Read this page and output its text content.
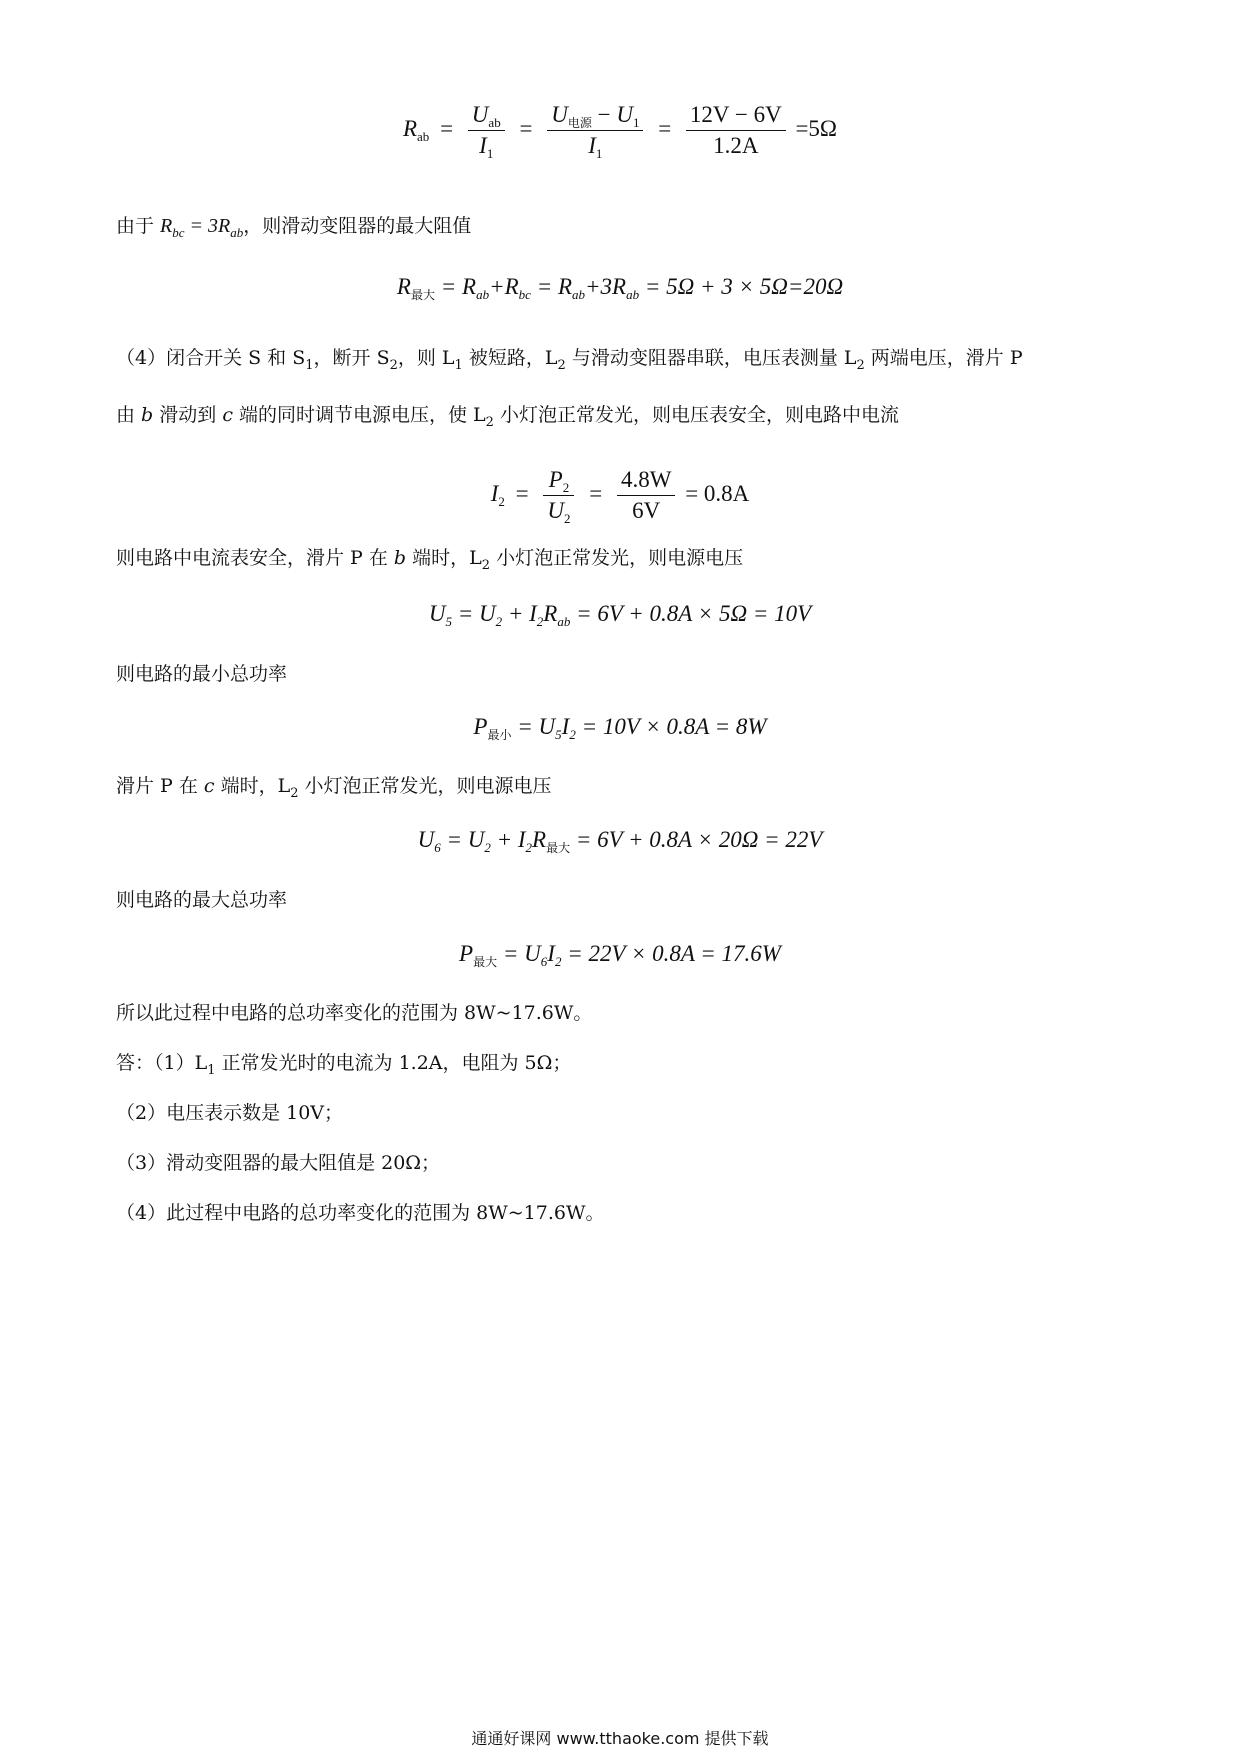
$R_{ab} = \frac{U_{ab}}{I_1} = \frac{U_{电源} - U_1}{I_1} = \frac{12V - 6V}{1.2A} =5\Omega$
由于 $R_{bc} = 3R_{ab}$，则滑动变阻器的最大阻值
$R_{最大} = R_{ab}+R_{bc} = R_{ab}+3R_{ab} = 5\Omega + 3 \times 5\Omega=20\Omega$
（4）闭合开关 S 和 $S_1$，断开 $S_2$，则 $L_1$ 被短路，$L_2$ 与滑动变阻器串联，电压表测量 $L_2$ 两端电压，滑片 P
由 b 滑动到 c 端的同时调节电源电压，使 $L_2$ 小灯泡正常发光，则电压表安全，则电路中电流
$I_2 = \frac{P_2}{U_2} = \frac{4.8W}{6V} = 0.8A$
则电路中电流表安全，滑片 P 在 b 端时，$L_2$ 小灯泡正常发光，则电源电压
$U_5 = U_2 + I_2R_{ab} = 6V + 0.8A \times 5\Omega = 10V$
则电路的最小总功率
$P_{最小} = U_5I_2 = 10V \times 0.8A = 8W$
滑片 P 在 c 端时，$L_2$ 小灯泡正常发光，则电源电压
$U_6 = U_2 + I_2R_{最大} = 6V + 0.8A \times 20\Omega = 22V$
则电路的最大总功率
$P_{最大} = U_6I_2 = 22V \times 0.8A = 17.6W$
所以此过程中电路的总功率变化的范围为 8W~17.6W。
答：$(1)L_1$ 正常发光时的电流为 1.2A，电阻为 5Ω；
（2）电压表示数是 10V；
（3）滑动变阻器的最大阻值是 20Ω；
（4）此过程中电路的总功率变化的范围为 8W~17.6W。
通通好课网 www.tthaoke.com 提供下载
